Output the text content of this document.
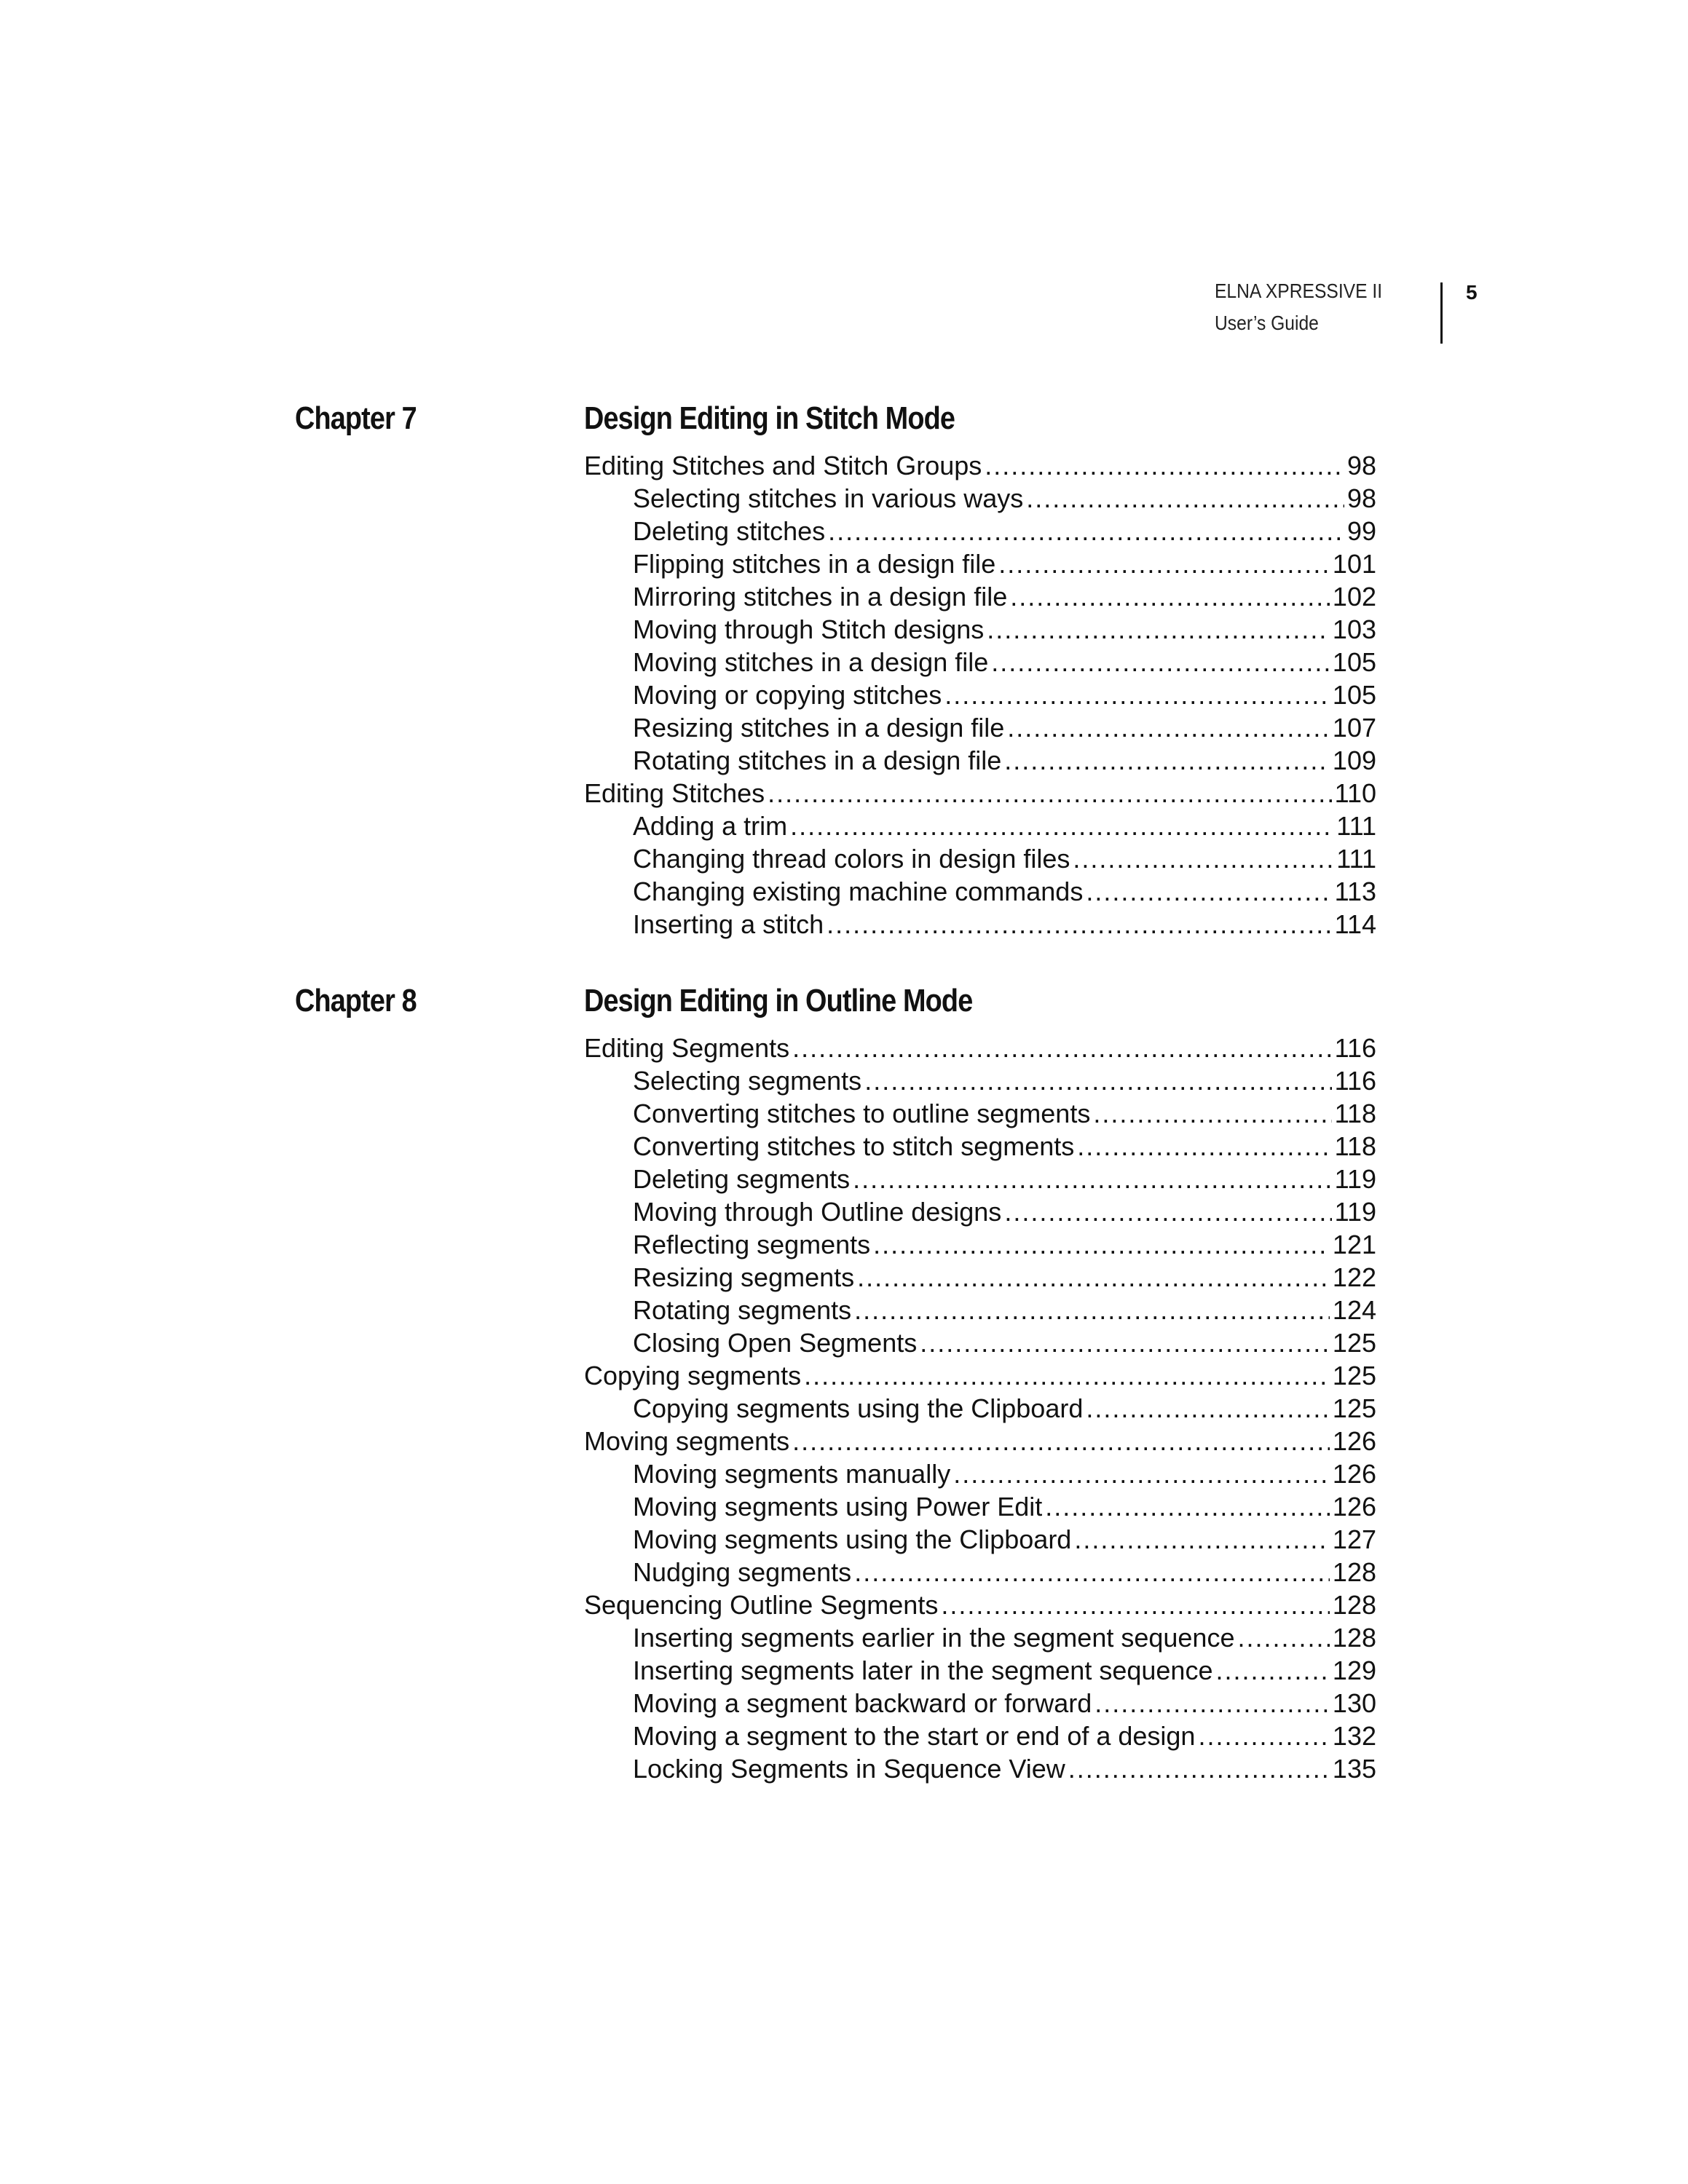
ELNA XPRESSIVE II
User’s Guide
5
Chapter 7	Design Editing in Stitch Mode
Editing Stitches and Stitch Groups .....	98
Selecting stitches in various ways .....	98
Deleting stitches .....	99
Flipping stitches in a design file .....	101
Mirroring stitches in a design file .....	102
Moving through Stitch designs .....	103
Moving stitches in a design file .....	105
Moving or copying stitches .....	105
Resizing stitches in a design file .....	107
Rotating stitches in a design file .....	109
Editing Stitches .....	110
Adding a trim .....	111
Changing thread colors in design files .....	111
Changing existing machine commands .....	113
Inserting a stitch .....	114
Chapter 8	Design Editing in Outline Mode
Editing Segments .....	116
Selecting segments .....	116
Converting stitches to outline segments .....	118
Converting stitches to stitch segments .....	118
Deleting segments .....	119
Moving through Outline designs .....	119
Reflecting segments .....	121
Resizing segments .....	122
Rotating segments .....	124
Closing Open Segments .....	125
Copying segments .....	125
Copying segments using the Clipboard .....	125
Moving segments .....	126
Moving segments manually .....	126
Moving segments using Power Edit .....	126
Moving segments using the Clipboard .....	127
Nudging segments .....	128
Sequencing Outline Segments .....	128
Inserting segments earlier in the segment sequence .....	128
Inserting segments later in the segment sequence .....	129
Moving a segment backward or forward .....	130
Moving a segment to the start or end of a design .....	132
Locking Segments in Sequence View .....	135
